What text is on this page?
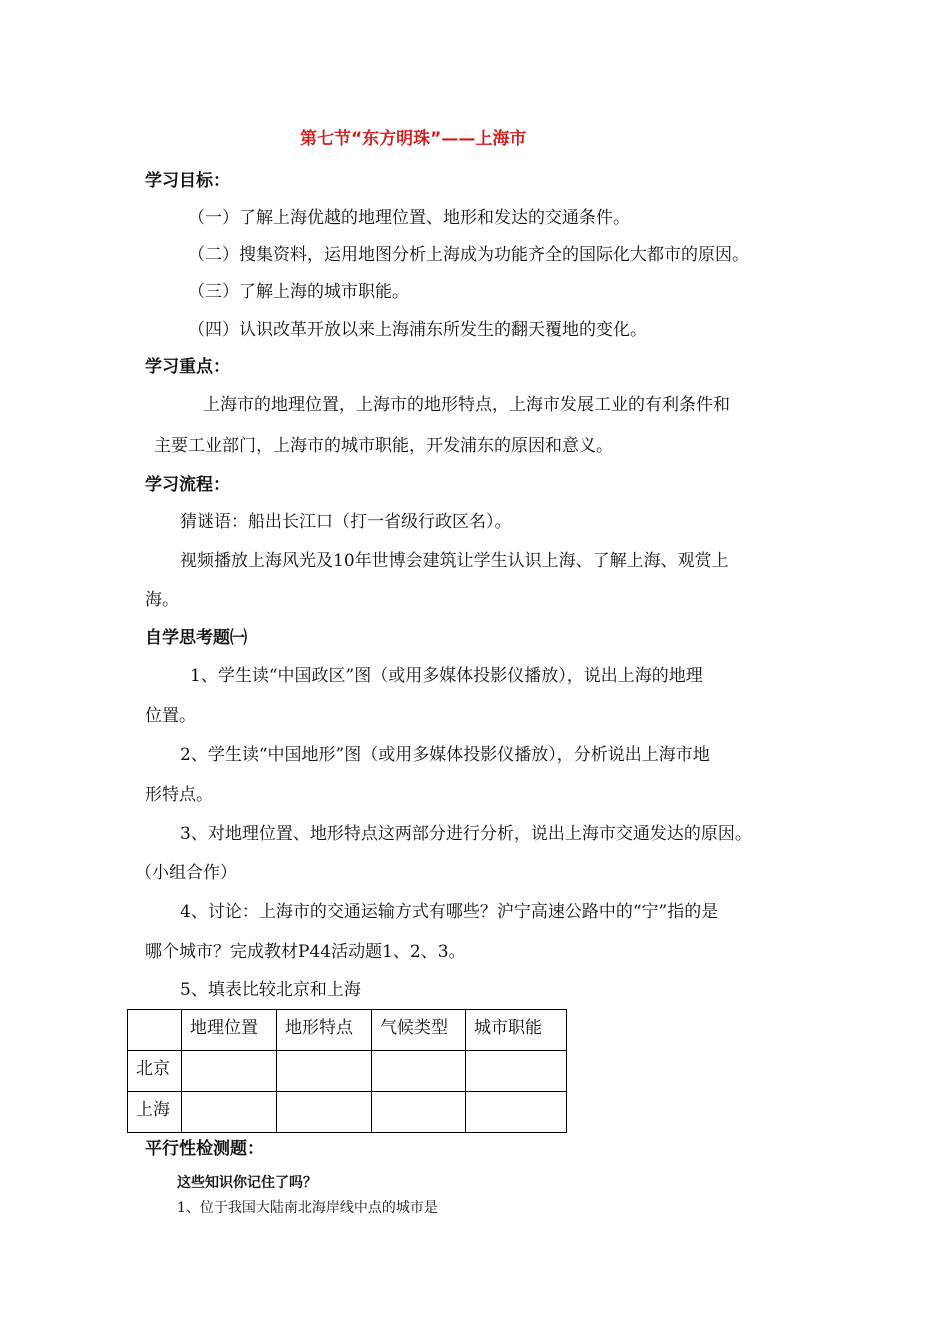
第七节“东方明珠”——上海市
学习目标：
（一）了解上海优越的地理位置、地形和发达的交通条件。
（二）搜集资料，运用地图分析上海成为功能齐全的国际化大都市的原因。
（三）了解上海的城市职能。
（四）认识改革开放以来上海浦东所发生的翻天覆地的变化。
学习重点：
上海市的地理位置，上海市的地形特点，上海市发展工业的有利条件和
主要工业部门，上海市的城市职能，开发浦东的原因和意义。
学习流程：
猜谜语：船出长江口（打一省级行政区名）。
视频播放上海风光及10年世博会建筑让学生认识上海、了解上海、观赏上
海。
自学思考题㈠
1、学生读“中国政区”图（或用多媒体投影仪播放），说出上海的地理
位置。
2、学生读“中国地形”图（或用多媒体投影仪播放），分析说出上海市地
形特点。
3、对地理位置、地形特点这两部分进行分析，说出上海市交通发达的原因。
（小组合作）
4、讨论：上海市的交通运输方式有哪些？沪宁高速公路中的“宁”指的是
哪个城市？完成教材P44活动题1、2、3。
5、填表比较北京和上海
	地理位置	地形特点	气候类型	城市职能
北京				
上海				
平行性检测题：
这些知识你记住了吗？
1、位于我国大陆南北海岸线中点的城市是
